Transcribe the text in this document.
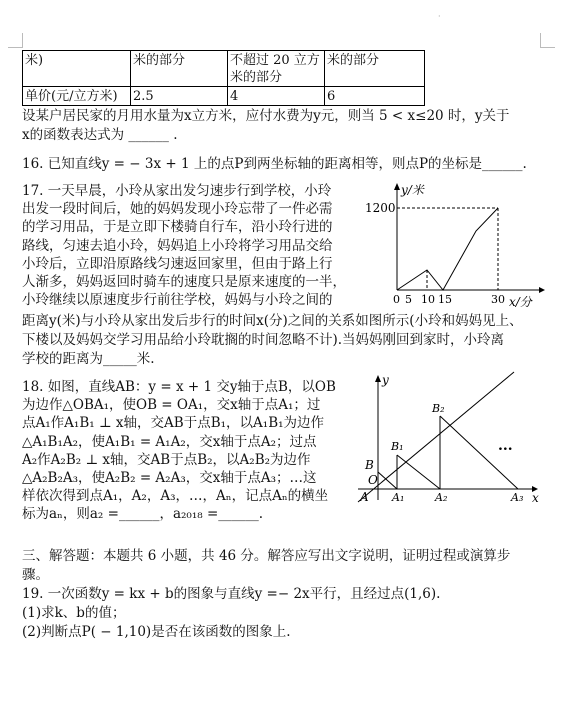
·
米)	米的部分	不超过 20 立方米的部分	米的部分
单价(元/立方米)	2.5	4	6
设某户居民家的月用水量为x立方米，应付水费为y元，则当 5 < x≤20 时，y关于
x的函数表达式为 ______ .
16. 已知直线y = − 3x + 1 上的点P到两坐标轴的距离相等，则点P的坐标是______.
17. 一天早晨，小玲从家出发匀速步行到学校，小玲
出发一段时间后，她的妈妈发现小玲忘带了一件必需
的学习用品，于是立即下楼骑自行车，沿小玲行进的
路线，匀速去追小玲，妈妈追上小玲将学习用品交给
小玲后，立即沿原路线匀速返回家里，但由于路上行
人渐多，妈妈返回时骑车的速度只是原来速度的一半，
小玲继续以原速度步行前往学校，妈妈与小玲之间的
距离y(米)与小玲从家出发后步行的时间x(分)之间的关系如图所示(小玲和妈妈见上、
下楼以及妈妈交学习用品给小玲耽搁的时间忽略不计).当妈妈刚回到家时，小玲离
学校的距离为_____米.
y/米
x/分
1200
0 5 10 15	30
18. 如图，直线AB：y = x + 1 交y轴于点B，以OB
为边作△OBA₁，使OB = OA₁，交x轴于点A₁；过
点A₁作A₁B₁ ⊥ x轴，交AB于点B₁，以A₁B₁为边作
△A₁B₁A₂，使A₁B₁ = A₁A₂，交x轴于点A₂；过点
A₂作A₂B₂ ⊥ x轴，交AB于点B₂，以A₂B₂为边作
△A₂B₂A₃，使A₂B₂ = A₂A₃，交x轴于点A₃；…这
样依次得到点A₁，A₂，A₃，…，Aₙ，记点Aₙ的横坐
标为aₙ，则a₂ =______，a₂₀₁₈ =______.
y
x
O
A
B
B₁
B₂
A₁	A₂	A₃
...
三、解答题：本题共 6 小题，共 46 分。解答应写出文字说明，证明过程或演算步
骤。
19. 一次函数y = kx + b的图象与直线y =− 2x平行，且经过点(1,6).
(1)求k、b的值；
(2)判断点P( − 1,10)是否在该函数的图象上.
